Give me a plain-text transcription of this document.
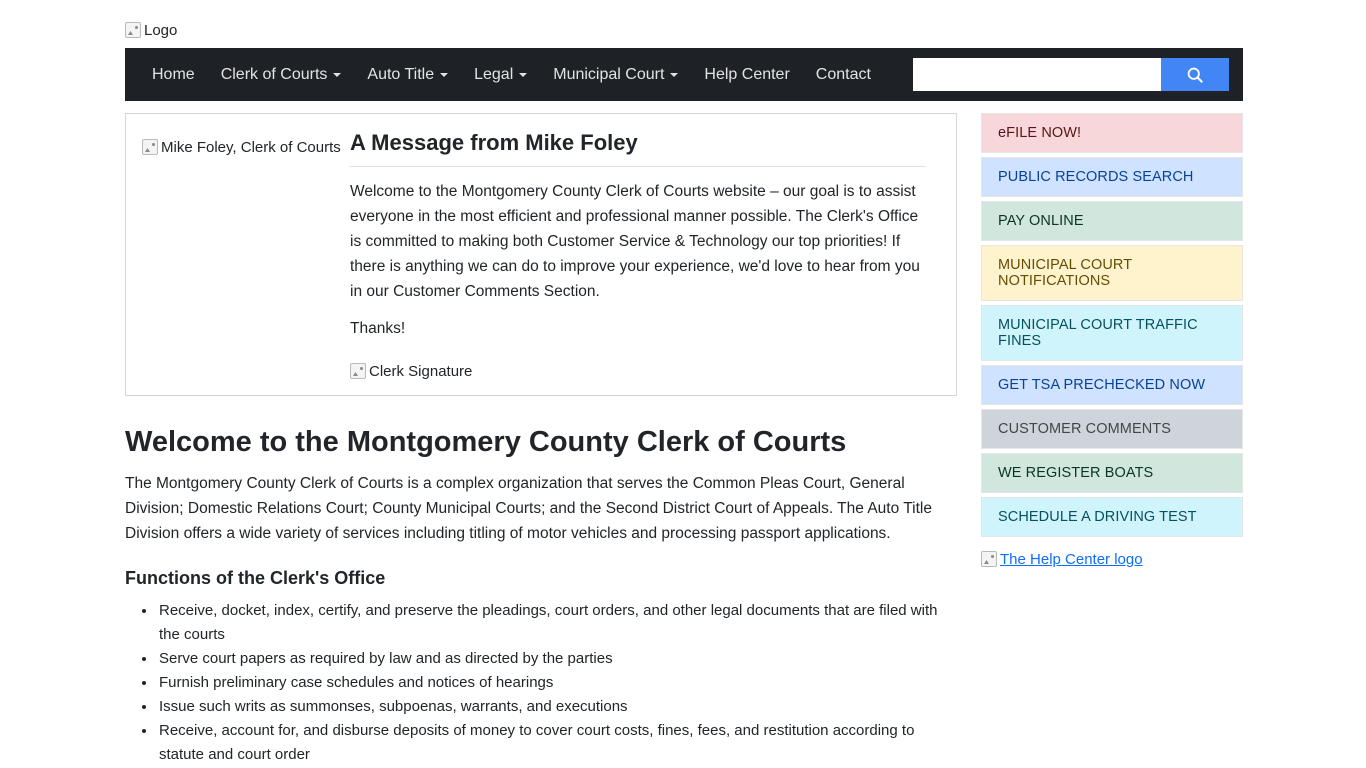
Logo
Home	Clerk of Courts	Auto Title	Legal	Municipal Court	Help Center	Contact
Mike Foley, Clerk of Courts A Message from Mike Foley

Welcome to the Montgomery County Clerk of Courts website – our goal is to assist everyone in the most efficient and professional manner possible. The Clerk's Office is committed to making both Customer Service & Technology our top priorities! If there is anything we can do to improve your experience, we'd love to hear from you in our Customer Comments Section.

Thanks!

Clerk Signature
Welcome to the Montgomery County Clerk of Courts

The Montgomery County Clerk of Courts is a complex organization that serves the Common Pleas Court, General Division; Domestic Relations Court; County Municipal Courts; and the Second District Court of Appeals. The Auto Title Division offers a wide variety of services including titling of motor vehicles and processing passport applications.

Functions of the Clerk's Office
• Receive, docket, index, certify, and preserve the pleadings, court orders, and other legal documents that are filed with the courts
• Serve court papers as required by law and as directed by the parties
• Furnish preliminary case schedules and notices of hearings
• Issue such writs as summonses, subpoenas, warrants, and executions
• Receive, account for, and disburse deposits of money to cover court costs, fines, fees, and restitution according to statute and court order
eFILE NOW!
PUBLIC RECORDS SEARCH
PAY ONLINE
MUNICIPAL COURT NOTIFICATIONS
MUNICIPAL COURT TRAFFIC FINES
GET TSA PRECHECKED NOW
CUSTOMER COMMENTS
WE REGISTER BOATS
SCHEDULE A DRIVING TEST
The Help Center logo
